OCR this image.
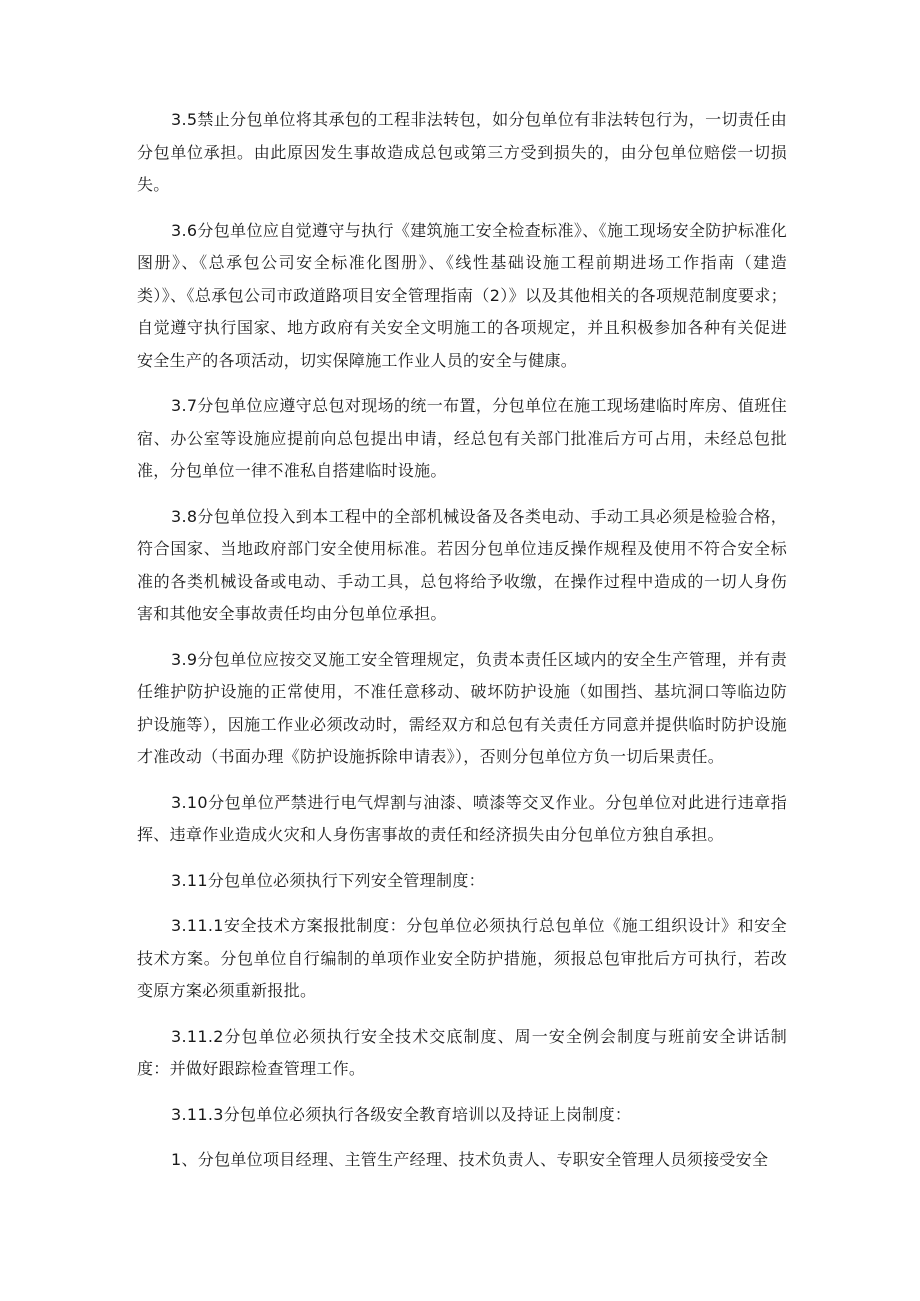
3.5禁止分包单位将其承包的工程非法转包，如分包单位有非法转包行为，一切责任由分包单位承担。由此原因发生事故造成总包或第三方受到损失的，由分包单位赔偿一切损失。

3.6分包单位应自觉遵守与执行《建筑施工安全检查标准》、《施工现场安全防护标准化图册》、《总承包公司安全标准化图册》、《线性基础设施工程前期进场工作指南（建造类）》、《总承包公司市政道路项目安全管理指南（2）》以及其他相关的各项规范制度要求；自觉遵守执行国家、地方政府有关安全文明施工的各项规定，并且积极参加各种有关促进安全生产的各项活动，切实保障施工作业人员的安全与健康。

3.7分包单位应遵守总包对现场的统一布置，分包单位在施工现场建临时库房、值班住宿、办公室等设施应提前向总包提出申请，经总包有关部门批准后方可占用，未经总包批准，分包单位一律不准私自搭建临时设施。

3.8分包单位投入到本工程中的全部机械设备及各类电动、手动工具必须是检验合格，符合国家、当地政府部门安全使用标准。若因分包单位违反操作规程及使用不符合安全标准的各类机械设备或电动、手动工具，总包将给予收缴，在操作过程中造成的一切人身伤害和其他安全事故责任均由分包单位承担。

3.9分包单位应按交叉施工安全管理规定，负责本责任区域内的安全生产管理，并有责任维护防护设施的正常使用，不准任意移动、破坏防护设施（如围挡、基坑洞口等临边防护设施等），因施工作业必须改动时，需经双方和总包有关责任方同意并提供临时防护设施才准改动（书面办理《防护设施拆除申请表》），否则分包单位方负一切后果责任。

3.10分包单位严禁进行电气焊割与油漆、喷漆等交叉作业。分包单位对此进行违章指挥、违章作业造成火灾和人身伤害事故的责任和经济损失由分包单位方独自承担。

3.11分包单位必须执行下列安全管理制度：

3.11.1安全技术方案报批制度：分包单位必须执行总包单位《施工组织设计》和安全技术方案。分包单位自行编制的单项作业安全防护措施，须报总包审批后方可执行，若改变原方案必须重新报批。

3.11.2分包单位必须执行安全技术交底制度、周一安全例会制度与班前安全讲话制度：并做好跟踪检查管理工作。

3.11.3分包单位必须执行各级安全教育培训以及持证上岗制度：

1、分包单位项目经理、主管生产经理、技术负责人、专职安全管理人员须接受安全
